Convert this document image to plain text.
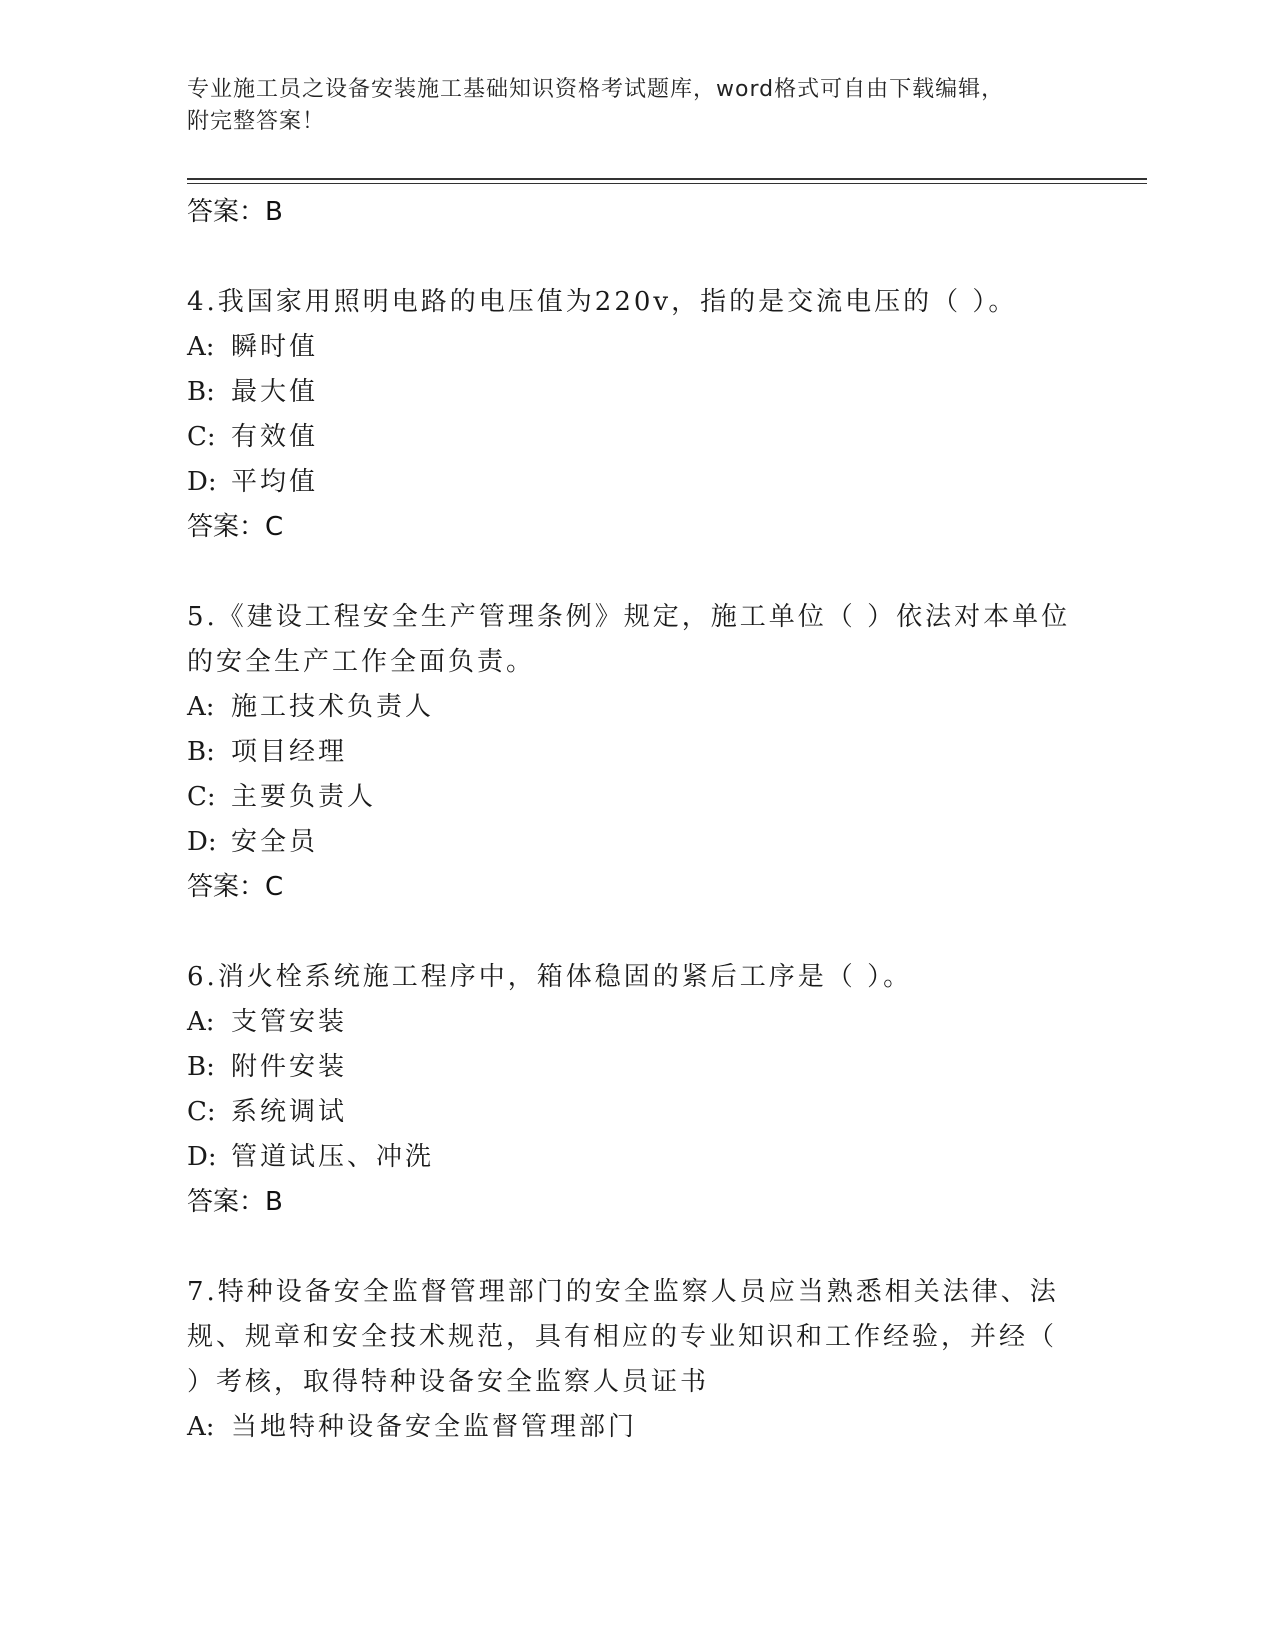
专业施工员之设备安装施工基础知识资格考试题库，word格式可自由下载编辑，
附完整答案！
答案：B
4.我国家用照明电路的电压值为220v，指的是交流电压的（ ）。
A: 瞬时值
B: 最大值
C: 有效值
D: 平均值
答案：C
5.《建设工程安全生产管理条例》规定，施工单位（ ）依法对本单位
的安全生产工作全面负责。
A: 施工技术负责人
B: 项目经理
C: 主要负责人
D: 安全员
答案：C
6.消火栓系统施工程序中，箱体稳固的紧后工序是（ ）。
A: 支管安装
B: 附件安装
C: 系统调试
D: 管道试压、冲洗
答案：B
7.特种设备安全监督管理部门的安全监察人员应当熟悉相关法律、法
规、规章和安全技术规范，具有相应的专业知识和工作经验，并经（
）考核，取得特种设备安全监察人员证书
A: 当地特种设备安全监督管理部门
